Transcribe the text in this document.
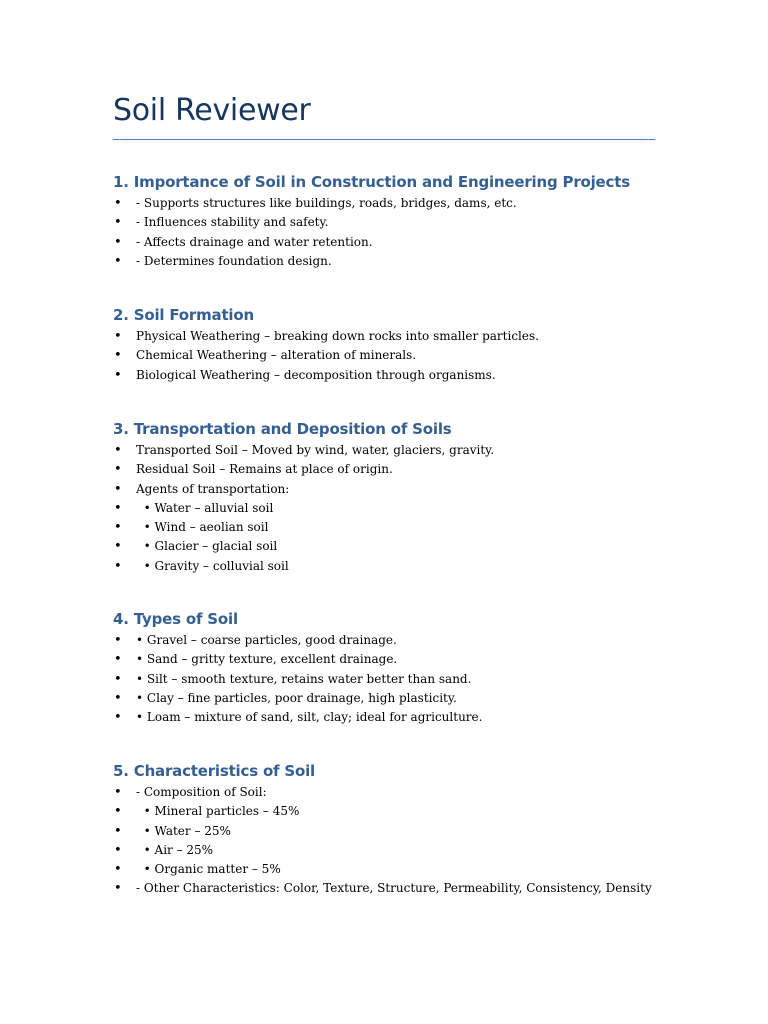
Soil Reviewer
1. Importance of Soil in Construction and Engineering Projects
• - Supports structures like buildings, roads, bridges, dams, etc.
• - Influences stability and safety.
• - Affects drainage and water retention.
• - Determines foundation design.
2. Soil Formation
• Physical Weathering – breaking down rocks into smaller particles.
• Chemical Weathering – alteration of minerals.
• Biological Weathering – decomposition through organisms.
3. Transportation and Deposition of Soils
• Transported Soil – Moved by wind, water, glaciers, gravity.
• Residual Soil – Remains at place of origin.
• Agents of transportation:
• • Water – alluvial soil
• • Wind – aeolian soil
• • Glacier – glacial soil
• • Gravity – colluvial soil
4. Types of Soil
• • Gravel – coarse particles, good drainage.
• • Sand – gritty texture, excellent drainage.
• • Silt – smooth texture, retains water better than sand.
• • Clay – fine particles, poor drainage, high plasticity.
• • Loam – mixture of sand, silt, clay; ideal for agriculture.
5. Characteristics of Soil
• - Composition of Soil:
• • Mineral particles – 45%
• • Water – 25%
• • Air – 25%
• • Organic matter – 5%
• - Other Characteristics: Color, Texture, Structure, Permeability, Consistency, Density
